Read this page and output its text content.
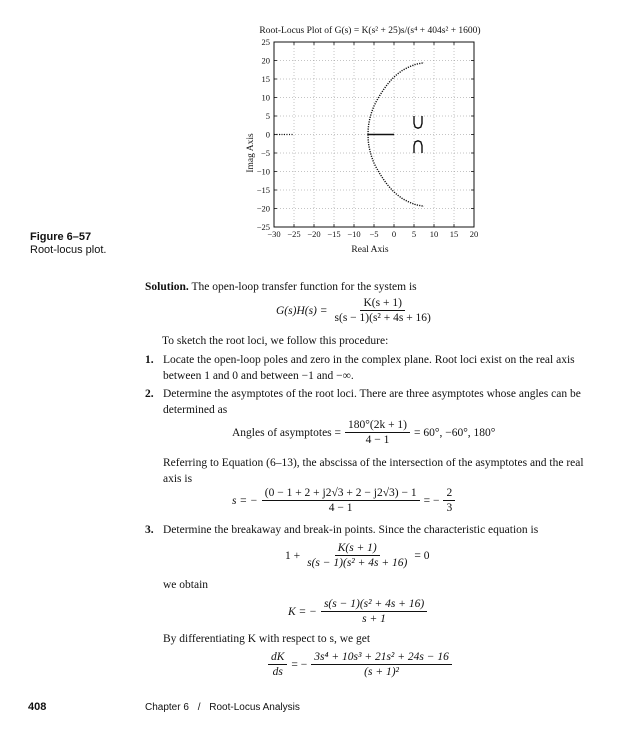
Root-Locus Plot of G(s) = K(s² + 25)s/(s⁴ + 404s² + 1600)
Imag Axis
Real Axis
−30 −25 −20 −15 −10 −5 0 5 10 15 20
25
20
15
10
5
0
−5
−10
−15
−20
−25
Figure 6–57
Root-locus plot.
Solution. The open-loop transfer function for the system is
$G(s)H(s) = \frac{K(s + 1)}{\text{s(s − 1)(s² + 4s + 16)}}$
To sketch the root loci, we follow this procedure:
1. Locate the open-loop poles and zero in the complex plane. Root loci exist on the real axis between 1 and 0 and between −1 and −∞.
2. Determine the asymptotes of the root loci. There are three asymptotes whose angles can be determined as
Angles of asymptotes = $\frac{180^\circ(2k + 1)}{4 - 1} = 60^\circ$, −60°, 180°
Referring to Equation (6–13), the abscissa of the intersection of the asymptotes and the real axis is
s = − $\frac{(0 - 1 + 2 + j2√3 + 2 - j2√3) - 1}{4 - 1}$ = − $\frac{2}{3}$
3. Determine the breakaway and break-in points. Since the characteristic equation is
$1 + \frac{K(s + 1)}{\text{s(s − 1)(s² + 4s + 16)}} = 0$
we obtain
K = − $\frac{\text{s(s − 1)(s² + 4s + 16)}}{s + 1}$
By differentiating K with respect to s, we get
$\frac{dK}{ds}$ = − $\frac{\text{3s⁴ + 10s³ + 21s² + 24s − 16}}{\text{(s + 1)²}}$
408	Chapter 6 / Root-Locus Analysis
